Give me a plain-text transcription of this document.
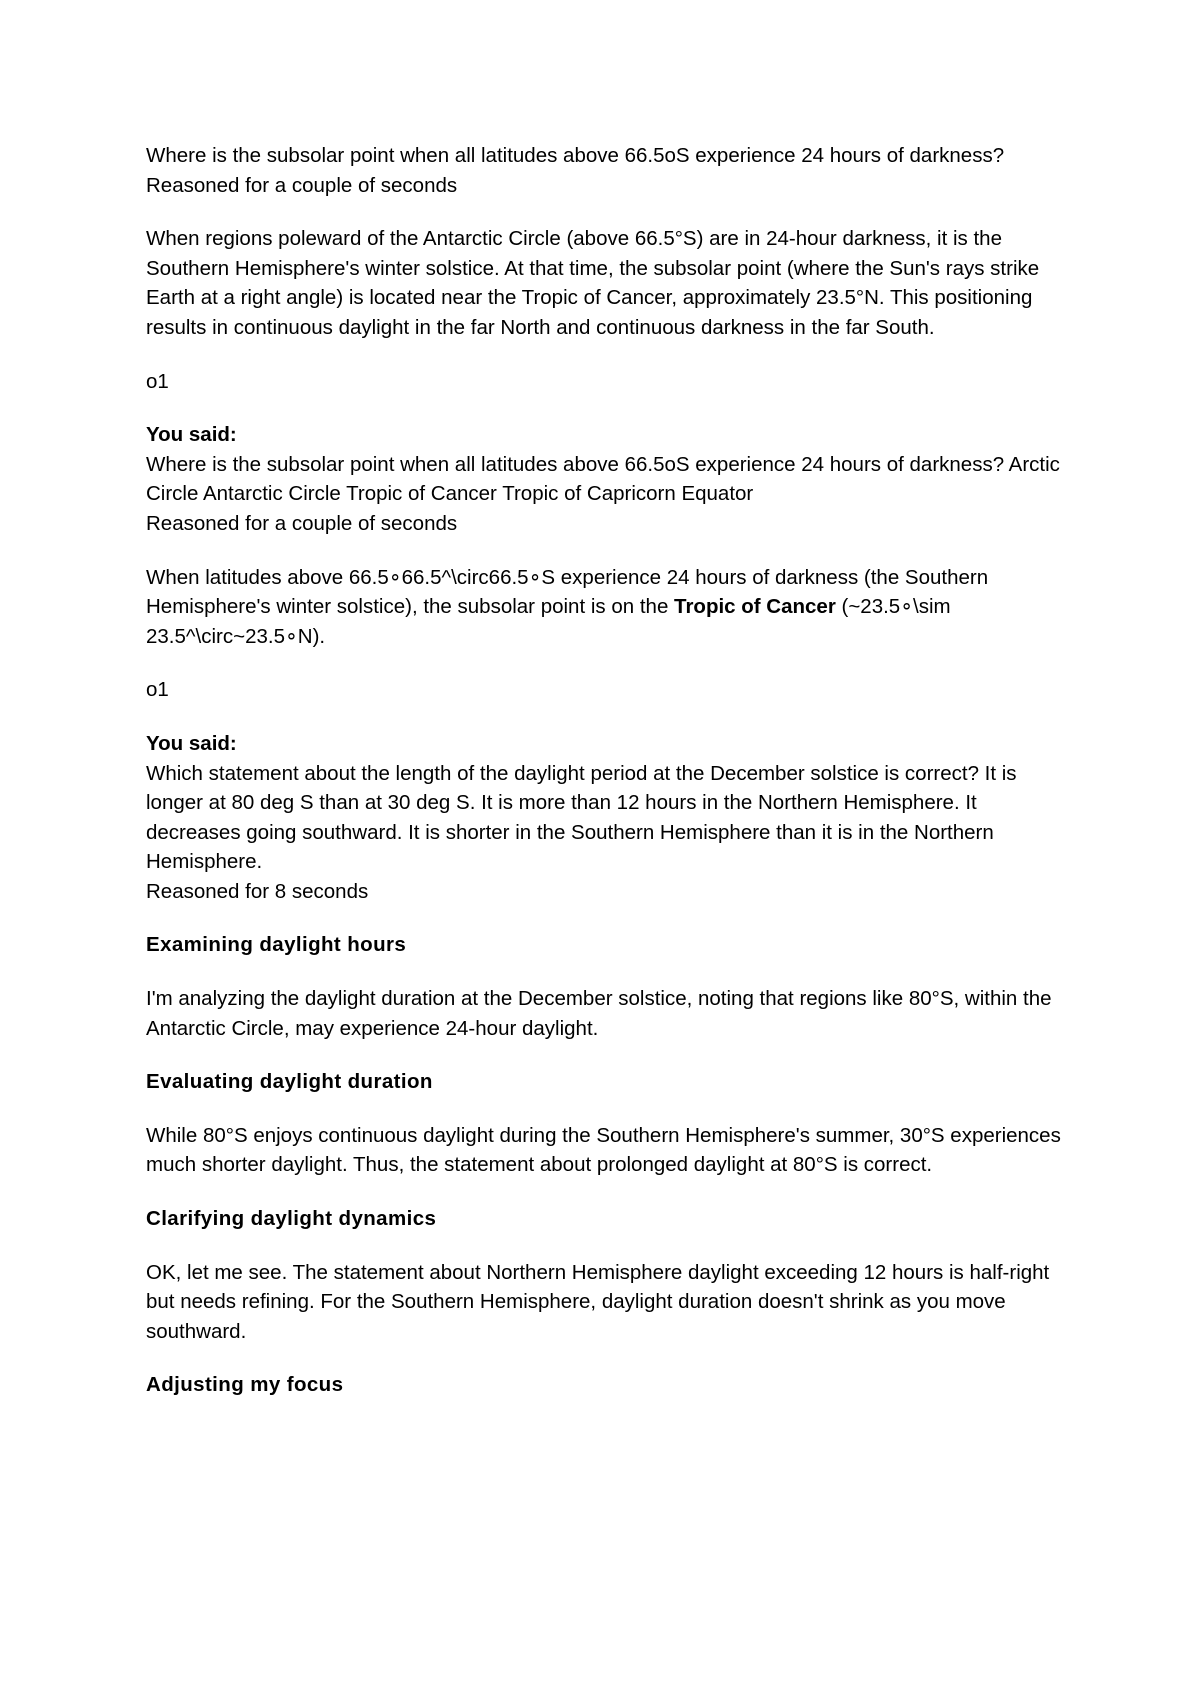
Where is the subsolar point when all latitudes above 66.5oS experience 24 hours of darkness?

Reasoned for a couple of seconds

When regions poleward of the Antarctic Circle (above 66.5°S) are in 24-hour darkness, it is the Southern Hemisphere's winter solstice. At that time, the subsolar point (where the Sun's rays strike Earth at a right angle) is located near the Tropic of Cancer, approximately 23.5°N. This positioning results in continuous daylight in the far North and continuous darkness in the far South.

o1

You said:

Where is the subsolar point when all latitudes above 66.5oS experience 24 hours of darkness? Arctic Circle Antarctic Circle Tropic of Cancer Tropic of Capricorn Equator

Reasoned for a couple of seconds

When latitudes above 66.5∘66.5^\circ66.5∘S experience 24 hours of darkness (the Southern Hemisphere's winter solstice), the subsolar point is on the Tropic of Cancer (~23.5∘\sim 23.5^\circ~23.5∘N).

o1

You said:

Which statement about the length of the daylight period at the December solstice is correct? It is longer at 80 deg S than at 30 deg S. It is more than 12 hours in the Northern Hemisphere. It decreases going southward. It is shorter in the Southern Hemisphere than it is in the Northern Hemisphere.

Reasoned for 8 seconds

Examining daylight hours

I'm analyzing the daylight duration at the December solstice, noting that regions like 80°S, within the Antarctic Circle, may experience 24-hour daylight.

Evaluating daylight duration

While 80°S enjoys continuous daylight during the Southern Hemisphere's summer, 30°S experiences much shorter daylight. Thus, the statement about prolonged daylight at 80°S is correct.

Clarifying daylight dynamics

OK, let me see. The statement about Northern Hemisphere daylight exceeding 12 hours is half-right but needs refining. For the Southern Hemisphere, daylight duration doesn't shrink as you move southward.

Adjusting my focus
